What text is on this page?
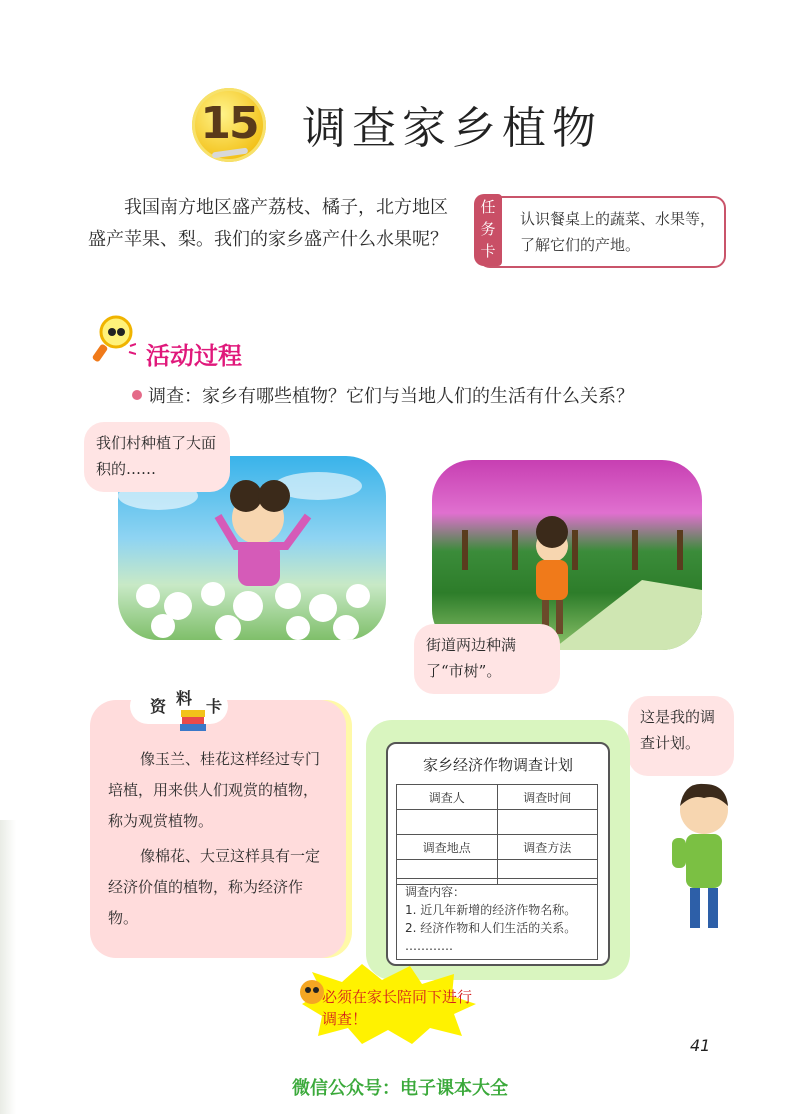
15 调查家乡植物

我国南方地区盛产荔枝、橘子，北方地区盛产苹果、梨。我们的家乡盛产什么水果呢？

任务卡
认识餐桌上的蔬菜、水果等，了解它们的产地。
活动过程
调查：家乡有哪些植物？它们与当地人们的生活有什么关系？
我们村种植了大面积的……
街道两边种满了“市树”。
这是我的调查计划。
资 料 卡

像玉兰、桂花这样经过专门培植，用来供人们观赏的植物，称为观赏植物。

像棉花、大豆这样具有一定经济价值的植物，称为经济作物。

家乡经济作物调查计划
调查人	调查时间

调查地点	调查方法

调查内容：
1. 近几年新增的经济作物名称。
2. 经济作物和人们生活的关系。
…………
必须在家长陪同下进行调查！
41
微信公众号：电子课本大全
